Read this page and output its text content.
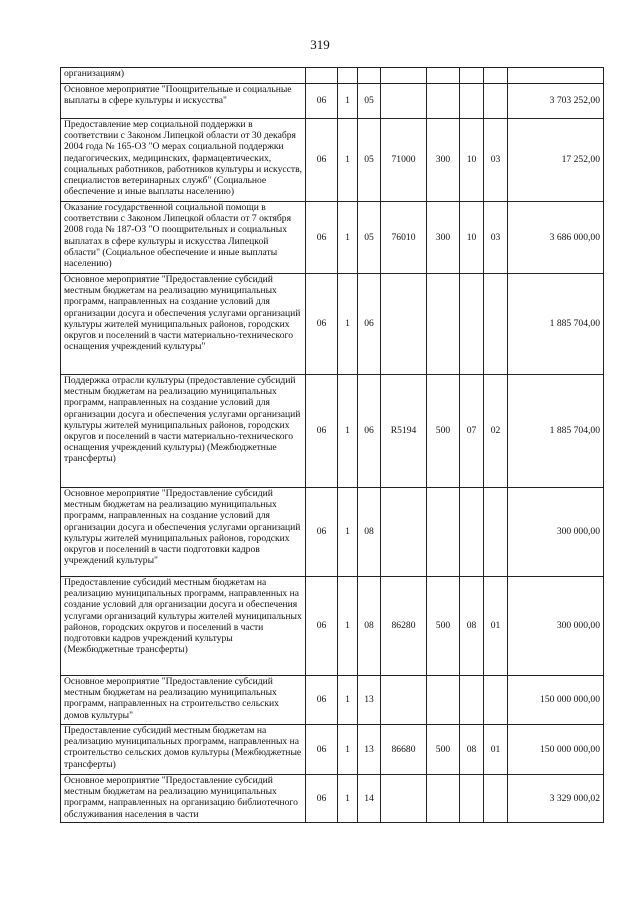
319
организациям)								
Основное мероприятие "Поощрительные и социальные выплаты в сфере культуры и искусства"	06	1	05					3 703 252,00
Предоставление мер социальной поддержки в соответствии с Законом Липецкой области от 30 декабря 2004 года № 165-ОЗ "О мерах социальной поддержки педагогических, медицинских, фармацевтических, социальных работников, работников культуры и искусств, специалистов ветеринарных служб" (Социальное обеспечение и иные выплаты населению)	06	1	05	71000	300	10	03	17 252,00
Оказание государственной социальной помощи в соответствии с Законом Липецкой области от 7 октября 2008 года № 187-ОЗ "О поощрительных и социальных выплатах в сфере культуры и искусства Липецкой области" (Социальное обеспечение и иные выплаты населению)	06	1	05	76010	300	10	03	3 686 000,00
Основное мероприятие "Предоставление субсидий местным бюджетам на реализацию муниципальных программ, направленных на создание условий для организации досуга и обеспечения услугами организаций культуры жителей муниципальных районов, городских округов и поселений в части материально-технического оснащения учреждений культуры"	06	1	06					1 885 704,00
Поддержка отрасли культуры (предоставление субсидий местным бюджетам на реализацию муниципальных программ, направленных на создание условий для организации досуга и обеспечения услугами организаций культуры жителей муниципальных районов, городских округов и поселений в части материально-технического оснащения учреждений культуры) (Межбюджетные трансферты)	06	1	06	R5194	500	07	02	1 885 704,00
Основное мероприятие "Предоставление субсидий местным бюджетам на реализацию муниципальных программ, направленных на создание условий для организации досуга и обеспечения услугами организаций культуры жителей муниципальных районов, городских округов и поселений в части подготовки кадров учреждений культуры"	06	1	08					300 000,00
Предоставление субсидий местным бюджетам на реализацию муниципальных программ, направленных на создание условий для организации досуга и обеспечения услугами организаций культуры жителей муниципальных районов, городских округов и поселений в части подготовки кадров учреждений культуры (Межбюджетные трансферты)	06	1	08	86280	500	08	01	300 000,00
Основное мероприятие "Предоставление субсидий местным бюджетам на реализацию муниципальных программ, направленных на строительство сельских домов культуры"	06	1	13					150 000 000,00
Предоставление субсидий местным бюджетам на реализацию муниципальных программ, направленных на строительство сельских домов культуры (Межбюджетные трансферты)	06	1	13	86680	500	08	01	150 000 000,00
Основное мероприятие "Предоставление субсидий местным бюджетам на реализацию муниципальных программ, направленных на организацию библиотечного обслуживания населения в части	06	1	14					3 329 000,02
